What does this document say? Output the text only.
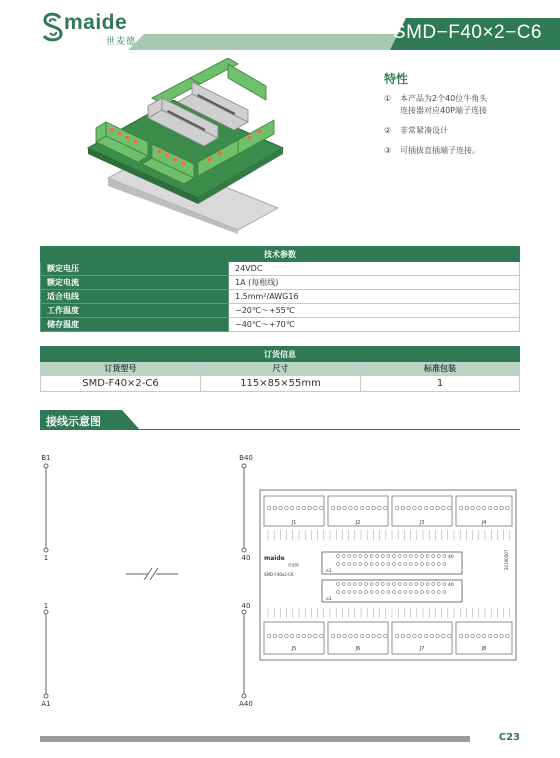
maide
世麦德	SMD−F40×2−C6
特性
①	本产品为2个40位牛角头
连接器对应40P端子连接
②	非常紧凑设计
③	可插拔直插端子连接。
技术参数	
额定电压	24VDC
额定电流	1A (每根线)
适合电线	1.5mm²/AWG16
工作温度	−20℃～+55℃
储存温度	−40℃～+70℃
订货信息		
订货型号	尺寸	标准包装
SMD-F40×2-C6	115×85×55mm	1
接线示意图
B1
1
1
A1
B40
40
40
A40
J1	J2	J3	J4
J5	J6	J7	J8
a1
a1
40
40
maide
世麦德
SMD-F40x2-C6
20190507
C23
